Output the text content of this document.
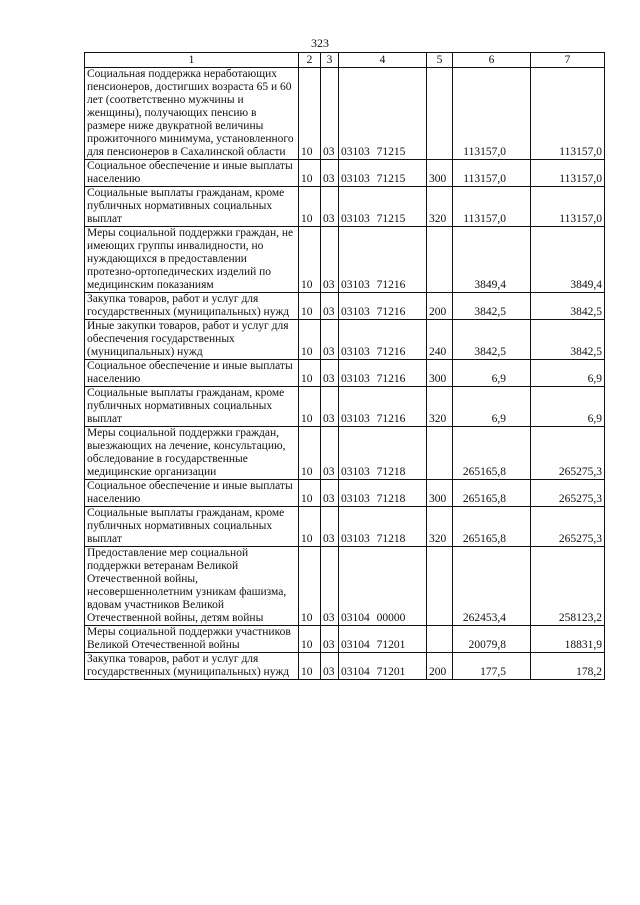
323
1	2	3	4	5	6	7
Социальная поддержка неработающих пенсионеров, достигших возраста 65 и 60 лет (соответственно мужчины и женщины), получающих пенсию в размере ниже двукратной величины прожиточного минимума, установленного для пенсионеров в Сахалинской области	10	03	03103 71215		113157,0	113157,0
Социальное обеспечение и иные выплаты населению	10	03	03103 71215	300	113157,0	113157,0
Социальные выплаты гражданам, кроме публичных нормативных социальных выплат	10	03	03103 71215	320	113157,0	113157,0
Меры социальной поддержки граждан, не имеющих группы инвалидности, но нуждающихся в предоставлении протезно-ортопедических изделий по медицинским показаниям	10	03	03103 71216		3849,4	3849,4
Закупка товаров, работ и услуг для государственных (муниципальных) нужд	10	03	03103 71216	200	3842,5	3842,5
Иные закупки товаров, работ и услуг для обеспечения государственных (муниципальных) нужд	10	03	03103 71216	240	3842,5	3842,5
Социальное обеспечение и иные выплаты населению	10	03	03103 71216	300	6,9	6,9
Социальные выплаты гражданам, кроме публичных нормативных социальных выплат	10	03	03103 71216	320	6,9	6,9
Меры социальной поддержки граждан, выезжающих на лечение, консультацию, обследование в государственные медицинские организации	10	03	03103 71218		265165,8	265275,3
Социальное обеспечение и иные выплаты населению	10	03	03103 71218	300	265165,8	265275,3
Социальные выплаты гражданам, кроме публичных нормативных социальных выплат	10	03	03103 71218	320	265165,8	265275,3
Предоставление мер социальной поддержки ветеранам Великой Отечественной войны, несовершеннолетним узникам фашизма, вдовам участников Великой Отечественной войны, детям войны	10	03	03104 00000		262453,4	258123,2
Меры социальной поддержки участников Великой Отечественной войны	10	03	03104 71201		20079,8	18831,9
Закупка товаров, работ и услуг для государственных (муниципальных) нужд	10	03	03104 71201	200	177,5	178,2
